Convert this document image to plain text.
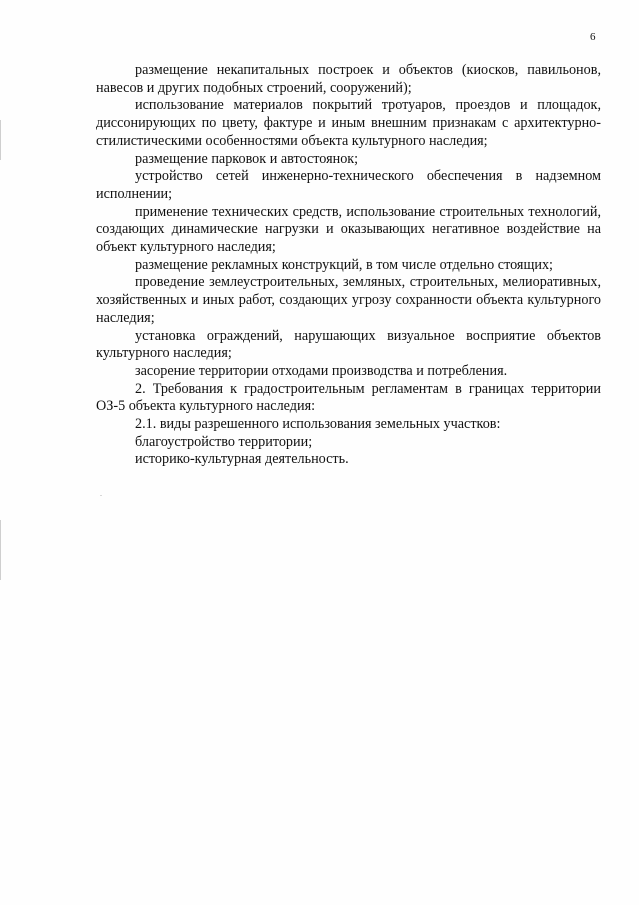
6

размещение некапитальных построек и объектов (киосков, павильонов, навесов и других подобных строений, сооружений);

использование материалов покрытий тротуаров, проездов и площадок, диссонирующих по цвету, фактуре и иным внешним признакам с архитектурно-стилистическими особенностями объекта культурного наследия;

размещение парковок и автостоянок;

устройство сетей инженерно-технического обеспечения в надземном исполнении;

применение технических средств, использование строительных технологий, создающих динамические нагрузки и оказывающих негативное воздействие на объект культурного наследия;

размещение рекламных конструкций, в том числе отдельно стоящих;

проведение землеустроительных, земляных, строительных, мелиоративных, хозяйственных и иных работ, создающих угрозу сохранности объекта культурного наследия;

установка ограждений, нарушающих визуальное восприятие объектов культурного наследия;

засорение территории отходами производства и потребления.

2. Требования к градостроительным регламентам в границах территории ОЗ-5 объекта культурного наследия:

2.1. виды разрешенного использования земельных участков:

благоустройство территории;

историко-культурная деятельность.
